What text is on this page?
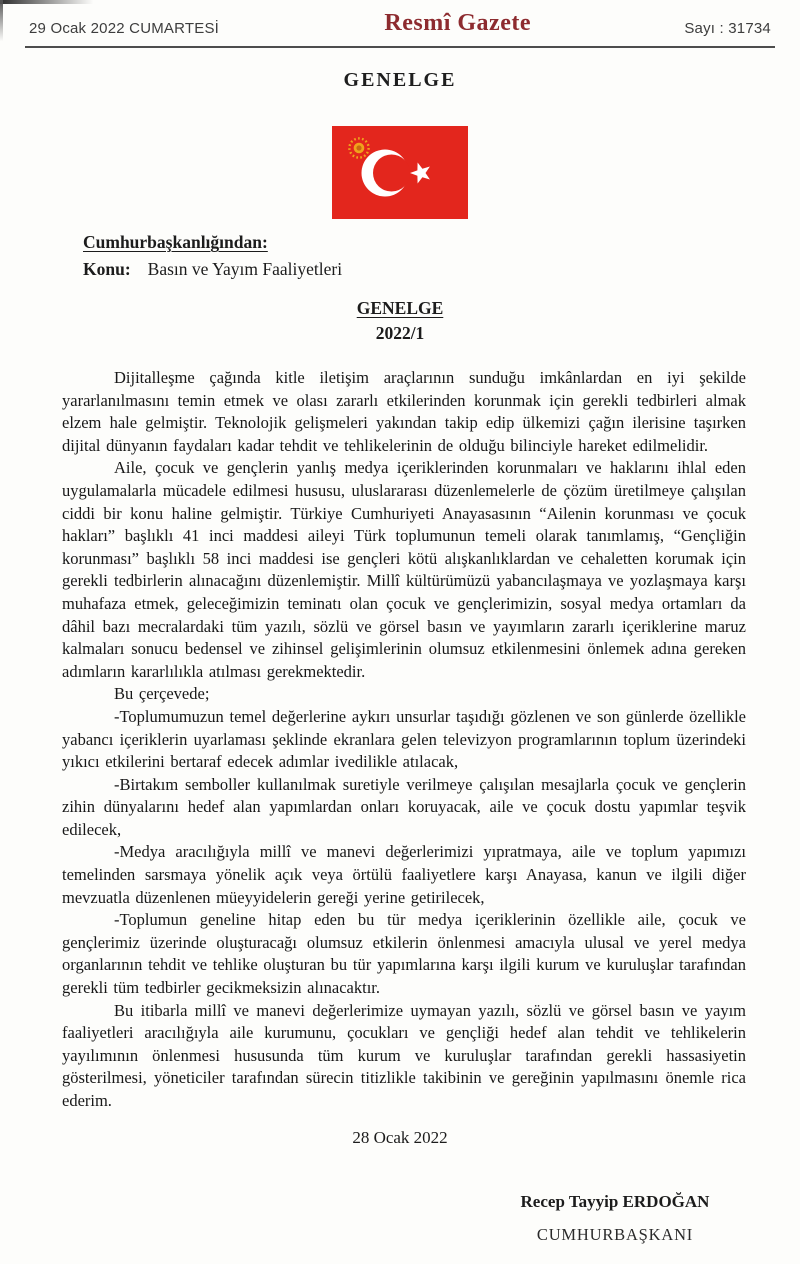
29 Ocak 2022 CUMARTESİ	Resmî Gazete	Sayı : 31734
GENELGE
Cumhurbaşkanlığından:
Konu: Basın ve Yayım Faaliyetleri
GENELGE
2022/1

Dijitalleşme çağında kitle iletişim araçlarının sunduğu imkânlardan en iyi şekilde yararlanılmasını temin etmek ve olası zararlı etkilerinden korunmak için gerekli tedbirleri almak elzem hale gelmiştir. Teknolojik gelişmeleri yakından takip edip ülkemizi çağın ilerisine taşırken dijital dünyanın faydaları kadar tehdit ve tehlikelerinin de olduğu bilinciyle hareket edilmelidir.

Aile, çocuk ve gençlerin yanlış medya içeriklerinden korunmaları ve haklarını ihlal eden uygulamalarla mücadele edilmesi hususu, uluslararası düzenlemelerle de çözüm üretilmeye çalışılan ciddi bir konu haline gelmiştir. Türkiye Cumhuriyeti Anayasasının “Ailenin korunması ve çocuk hakları” başlıklı 41 inci maddesi aileyi Türk toplumunun temeli olarak tanımlamış, “Gençliğin korunması” başlıklı 58 inci maddesi ise gençleri kötü alışkanlıklardan ve cehaletten korumak için gerekli tedbirlerin alınacağını düzenlemiştir. Millî kültürümüzü yabancılaşmaya ve yozlaşmaya karşı muhafaza etmek, geleceğimizin teminatı olan çocuk ve gençlerimizin, sosyal medya ortamları da dâhil bazı mecralardaki tüm yazılı, sözlü ve görsel basın ve yayımların zararlı içeriklerine maruz kalmaları sonucu bedensel ve zihinsel gelişimlerinin olumsuz etkilenmesini önlemek adına gereken adımların kararlılıkla atılması gerekmektedir.

Bu çerçevede;

-Toplumumuzun temel değerlerine aykırı unsurlar taşıdığı gözlenen ve son günlerde özellikle yabancı içeriklerin uyarlaması şeklinde ekranlara gelen televizyon programlarının toplum üzerindeki yıkıcı etkilerini bertaraf edecek adımlar ivedilikle atılacak,

-Birtakım semboller kullanılmak suretiyle verilmeye çalışılan mesajlarla çocuk ve gençlerin zihin dünyalarını hedef alan yapımlardan onları koruyacak, aile ve çocuk dostu yapımlar teşvik edilecek,

-Medya aracılığıyla millî ve manevi değerlerimizi yıpratmaya, aile ve toplum yapımızı temelinden sarsmaya yönelik açık veya örtülü faaliyetlere karşı Anayasa, kanun ve ilgili diğer mevzuatla düzenlenen müeyyidelerin gereği yerine getirilecek,

-Toplumun geneline hitap eden bu tür medya içeriklerinin özellikle aile, çocuk ve gençlerimiz üzerinde oluşturacağı olumsuz etkilerin önlenmesi amacıyla ulusal ve yerel medya organlarının tehdit ve tehlike oluşturan bu tür yapımlarına karşı ilgili kurum ve kuruluşlar tarafından gerekli tüm tedbirler gecikmeksizin alınacaktır.

Bu itibarla millî ve manevi değerlerimize uymayan yazılı, sözlü ve görsel basın ve yayım faaliyetleri aracılığıyla aile kurumunu, çocukları ve gençliği hedef alan tehdit ve tehlikelerin yayılımının önlenmesi hususunda tüm kurum ve kuruluşlar tarafından gerekli hassasiyetin gösterilmesi, yöneticiler tarafından sürecin titizlikle takibinin ve gereğinin yapılmasını önemle rica ederim.

28 Ocak 2022
Recep Tayyip ERDOĞAN
CUMHURBAŞKANI
